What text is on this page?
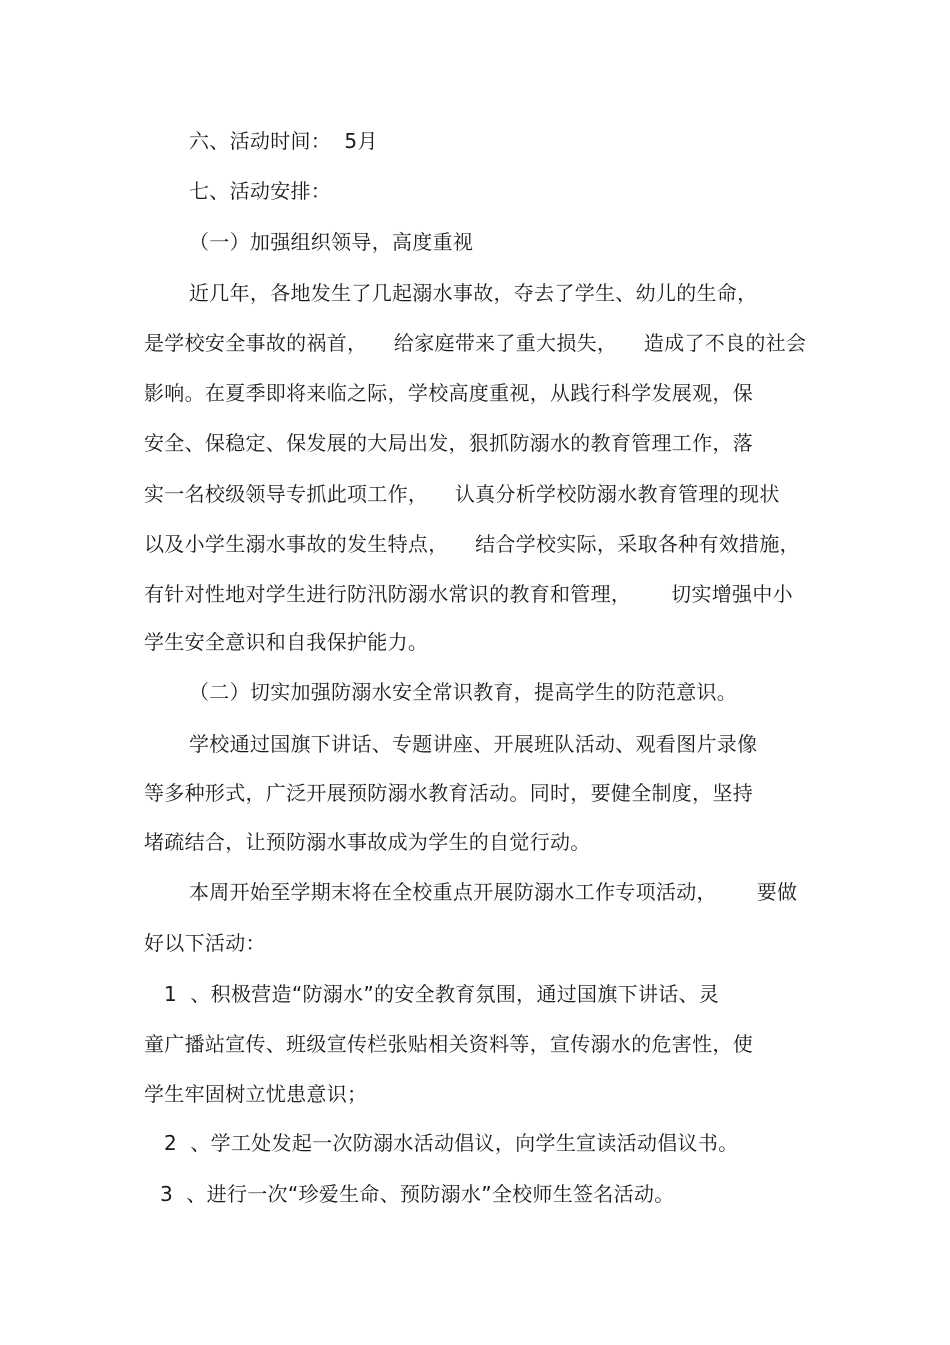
六、活动时间：  5月
七、活动安排：
（一）加强组织领导，高度重视
近几年，各地发生了几起溺水事故，夺去了学生、幼儿的生命，
是学校安全事故的祸首，    给家庭带来了重大损失，    造成了不良的社会
影响。在夏季即将来临之际，学校高度重视，从践行科学发展观，保
安全、保稳定、保发展的大局出发，狠抓防溺水的教育管理工作，落
实一名校级领导专抓此项工作，    认真分析学校防溺水教育管理的现状
以及小学生溺水事故的发生特点，    结合学校实际，采取各种有效措施，
有针对性地对学生进行防汛防溺水常识的教育和管理，      切实增强中小
学生安全意识和自我保护能力。
（二）切实加强防溺水安全常识教育，提高学生的防范意识。
学校通过国旗下讲话、专题讲座、开展班队活动、观看图片录像
等多种形式，广泛开展预防溺水教育活动。同时，要健全制度，坚持
堵疏结合，让预防溺水事故成为学生的自觉行动。
本周开始至学期末将在全校重点开展防溺水工作专项活动，      要做
好以下活动：
1  、积极营造“防溺水”的安全教育氛围，通过国旗下讲话、灵
童广播站宣传、班级宣传栏张贴相关资料等，宣传溺水的危害性，使
学生牢固树立忧患意识；
2  、学工处发起一次防溺水活动倡议，向学生宣读活动倡议书。
3  、进行一次“珍爱生命、预防溺水”全校师生签名活动。
